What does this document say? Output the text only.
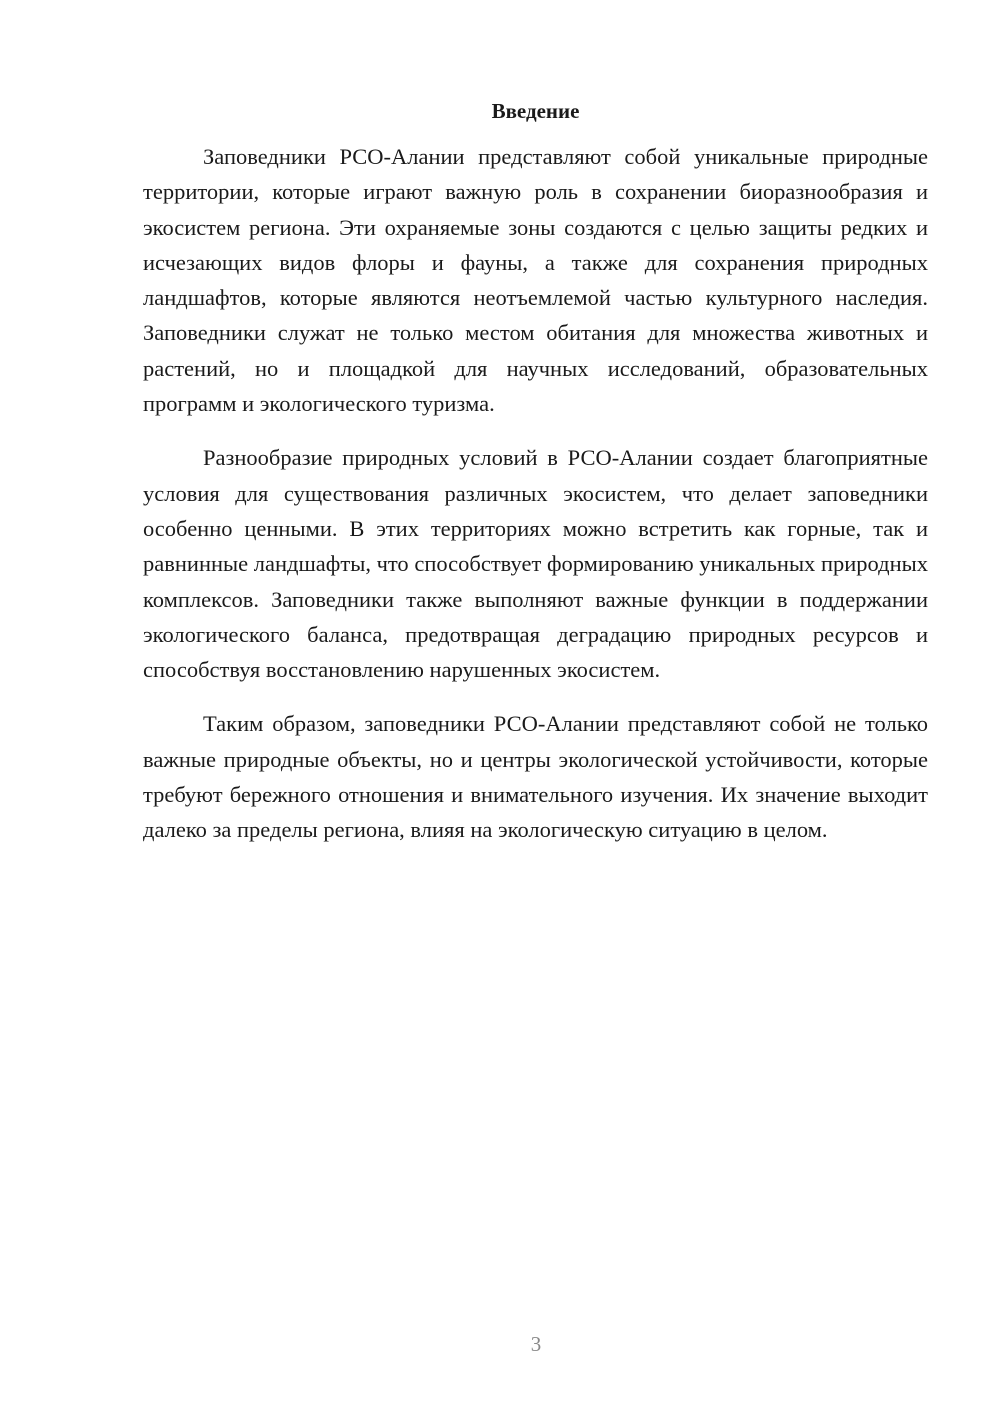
Введение

Заповедники РСО-Алании представляют собой уникальные природные территории, которые играют важную роль в сохранении биоразнообразия и экосистем региона. Эти охраняемые зоны создаются с целью защиты редких и исчезающих видов флоры и фауны, а также для сохранения природных ландшафтов, которые являются неотъемлемой частью культурного наследия. Заповедники служат не только местом обитания для множества животных и растений, но и площадкой для научных исследований, образовательных программ и экологического туризма.

Разнообразие природных условий в РСО-Алании создает благоприятные условия для существования различных экосистем, что делает заповедники особенно ценными. В этих территориях можно встретить как горные, так и равнинные ландшафты, что способствует формированию уникальных природных комплексов. Заповедники также выполняют важные функции в поддержании экологического баланса, предотвращая деградацию природных ресурсов и способствуя восстановлению нарушенных экосистем.

Таким образом, заповедники РСО-Алании представляют собой не только важные природные объекты, но и центры экологической устойчивости, которые требуют бережного отношения и внимательного изучения. Их значение выходит далеко за пределы региона, влияя на экологическую ситуацию в целом.

3
